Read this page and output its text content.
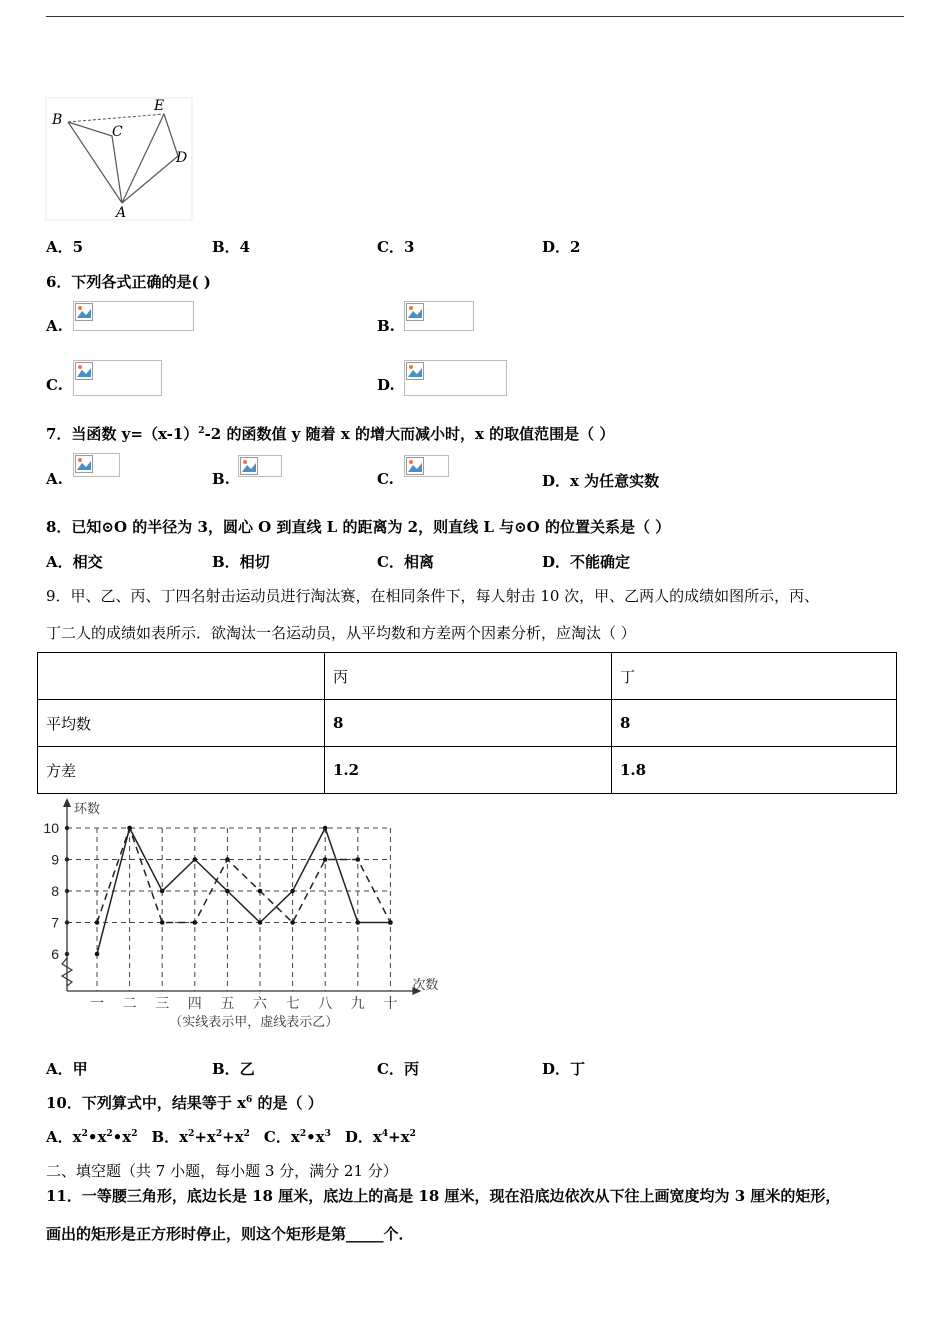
B
E
C
D
A
A．5	B．4	C．3	D．2
6．下列各式正确的是( )
A.	B.
C.	D.
7．当函数 $y=(x-1)^2-2$ 的函数值 y 随着 x 的增大而减小时，x 的取值范围是（ ）
A.	B.	C.	D．x 为任意实数
8．已知⊙O 的半径为 3，圆心 O 到直线 L 的距离为 2，则直线 L 与⊙O 的位置关系是（ ）
A．相交	B．相切	C．相离	D．不能确定
9．甲、乙、丙、丁四名射击运动员进行淘汰赛，在相同条件下，每人射击 10 次，甲、乙两人的成绩如图所示，丙、
丁二人的成绩如表所示．欲淘汰一名运动员，从平均数和方差两个因素分析，应淘汰（ ）
	丙	丁
平均数	8	8
方差	1.2	1.8
环数
次数
6
7
8
9
10
一 二 三 四 五 六 七 八 九 十
（实线表示甲，虚线表示乙）
A．甲	B．乙	C．丙	D．丁
10．下列算式中，结果等于 $x^6$ 的是（ ）
A．$x^2•x^2•x^2$ B．$x^2+x^2+x^2$ C．$x^2•x^3$ D．$x^4+x^2$
二、填空题（共 7 小题，每小题 3 分，满分 21 分）
11．一等腰三角形，底边长是 18 厘米，底边上的高是 18 厘米，现在沿底边依次从下往上画宽度均为 3 厘米的矩形，
画出的矩形是正方形时停止，则这个矩形是第_____个．
